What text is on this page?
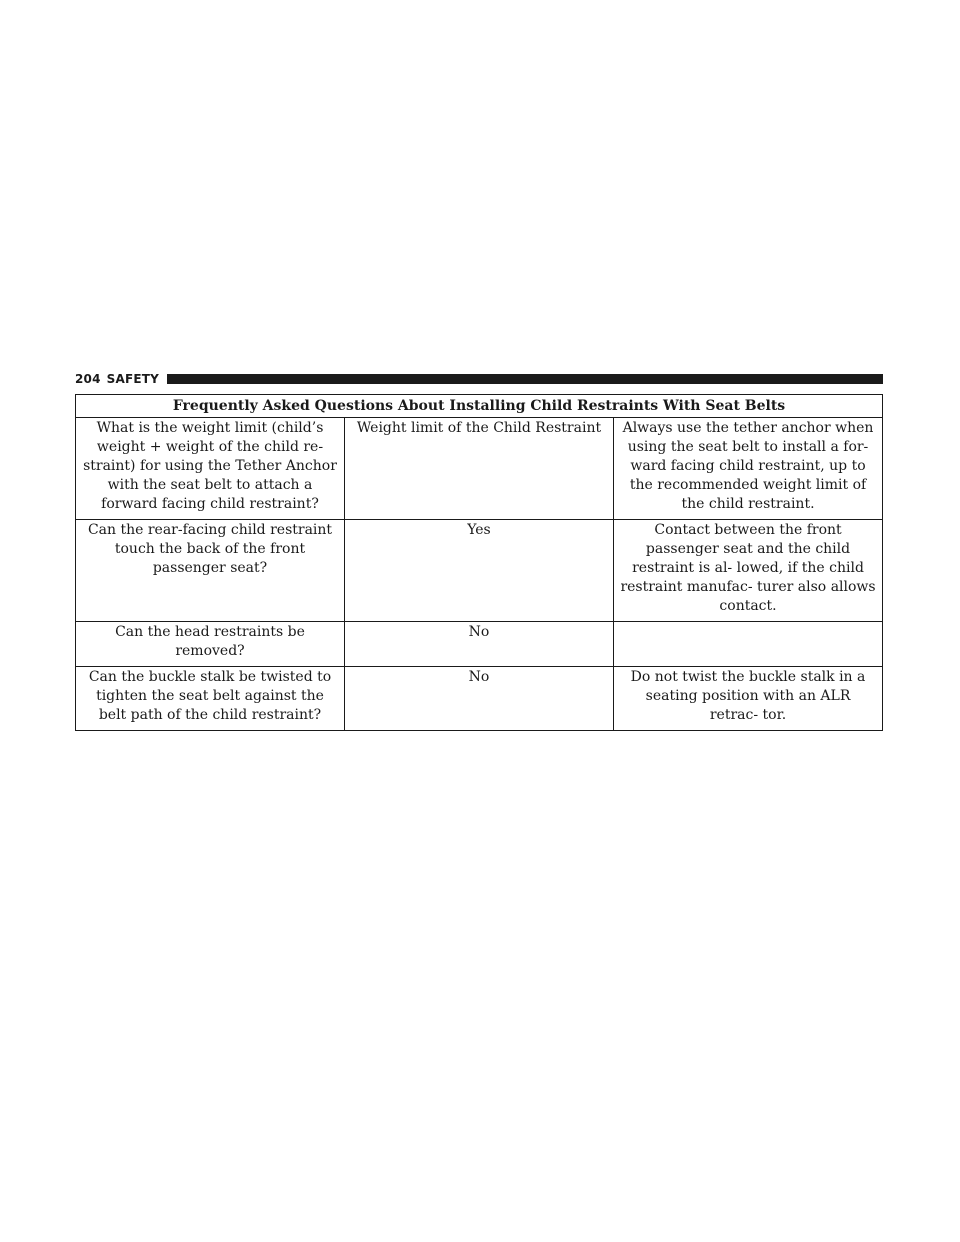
204 SAFETY
Frequently Asked Questions About Installing Child Restraints With Seat Belts		
What is the weight limit (child’s weight + weight of the child re- straint) for using the Tether Anchor with the seat belt to attach a forward facing child restraint?	Weight limit of the Child Restraint	Always use the tether anchor when using the seat belt to install a for- ward facing child restraint, up to the recommended weight limit of the child restraint.
Can the rear-facing child restraint touch the back of the front passenger seat?	Yes	Contact between the front passenger seat and the child restraint is al- lowed, if the child restraint manufac- turer also allows contact.
Can the head restraints be removed?	No	
Can the buckle stalk be twisted to tighten the seat belt against the belt path of the child restraint?	No	Do not twist the buckle stalk in a seating position with an ALR retrac- tor.
